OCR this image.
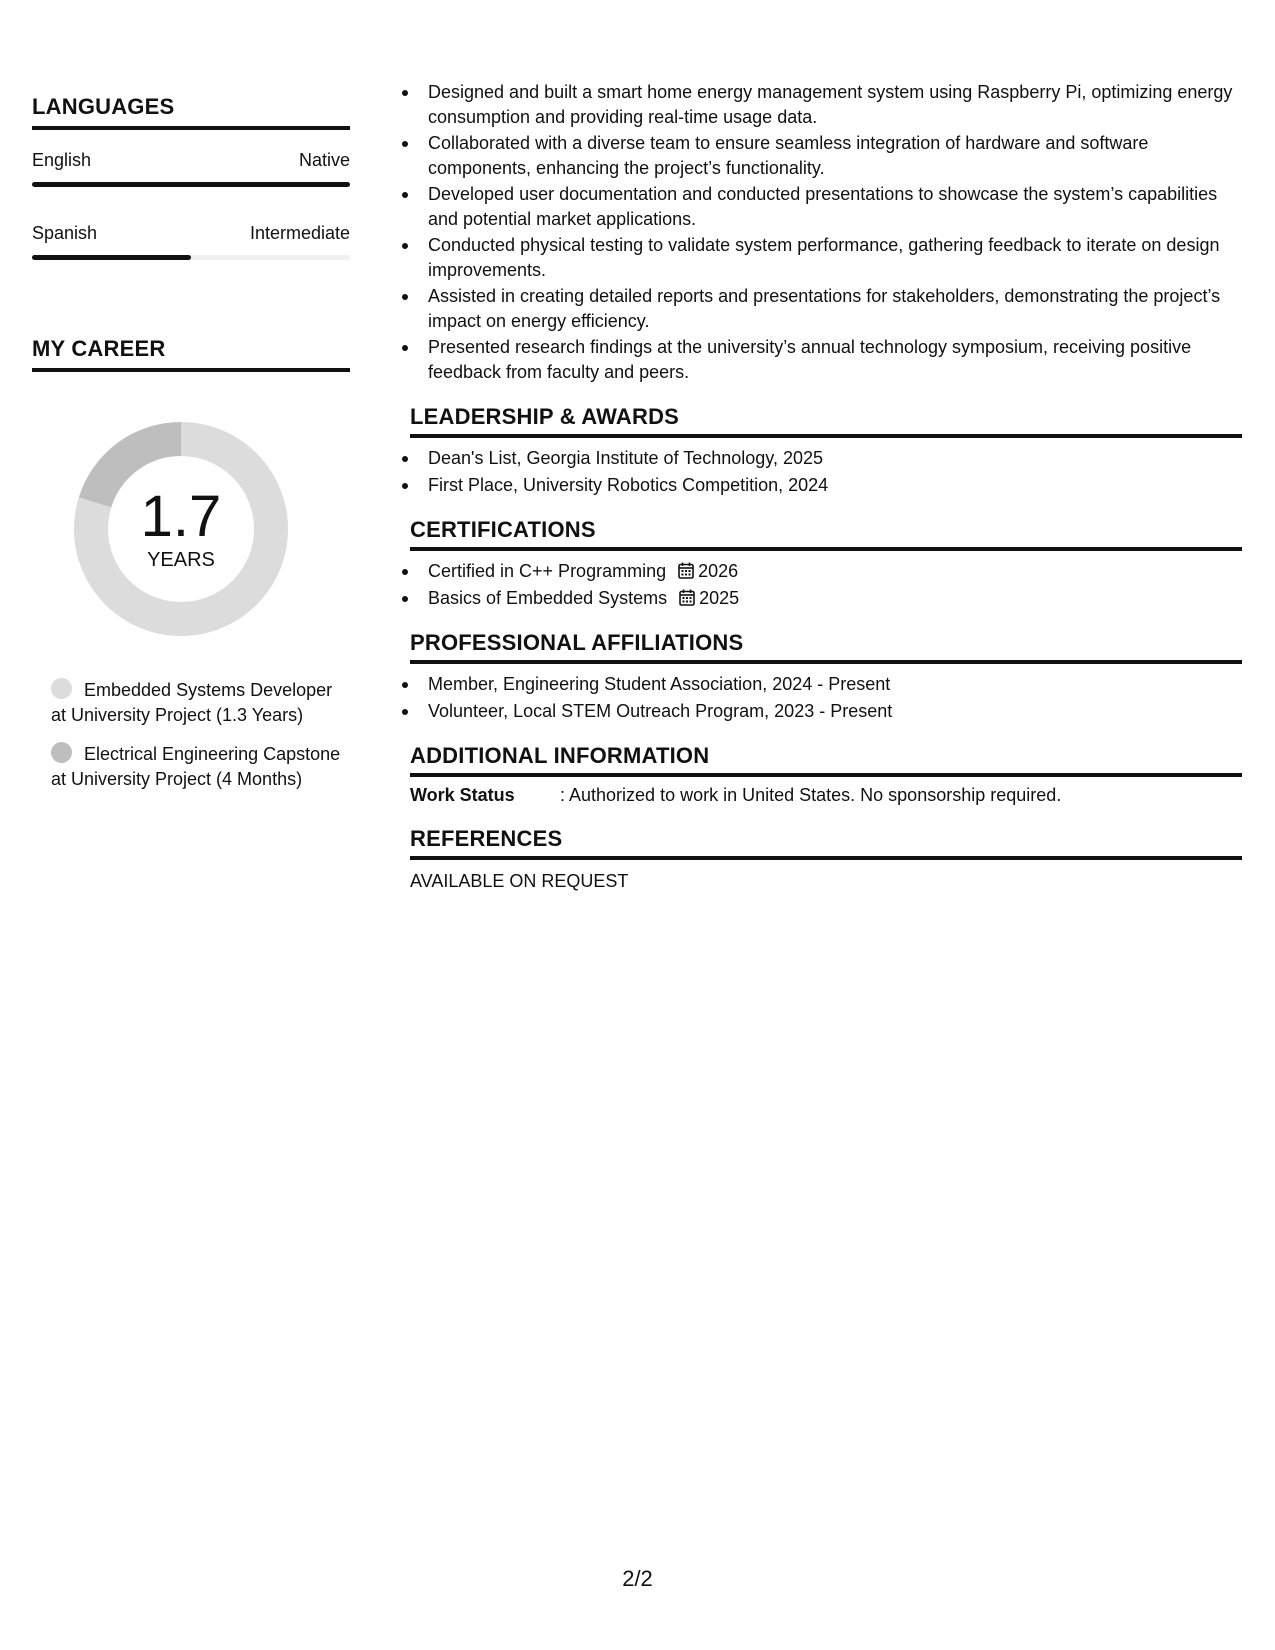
LANGUAGES
English	Native
Spanish	Intermediate
MY CAREER
1.7
YEARS
Embedded Systems Developer at University Project (1.3 Years)
Electrical Engineering Capstone at University Project (4 Months)
Designed and built a smart home energy management system using Raspberry Pi, optimizing energy consumption and providing real-time usage data.
Collaborated with a diverse team to ensure seamless integration of hardware and software components, enhancing the project’s functionality.
Developed user documentation and conducted presentations to showcase the system’s capabilities and potential market applications.
Conducted physical testing to validate system performance, gathering feedback to iterate on design improvements.
Assisted in creating detailed reports and presentations for stakeholders, demonstrating the project’s impact on energy efficiency.
Presented research findings at the university’s annual technology symposium, receiving positive feedback from faculty and peers.
LEADERSHIP & AWARDS
Dean's List, Georgia Institute of Technology, 2025
First Place, University Robotics Competition, 2024
CERTIFICATIONS
Certified in C++ Programming 2026
Basics of Embedded Systems 2025
PROFESSIONAL AFFILIATIONS
Member, Engineering Student Association, 2024 - Present
Volunteer, Local STEM Outreach Program, 2023 - Present
ADDITIONAL INFORMATION
Work Status	: Authorized to work in United States. No sponsorship required.
REFERENCES
AVAILABLE ON REQUEST
2/2
